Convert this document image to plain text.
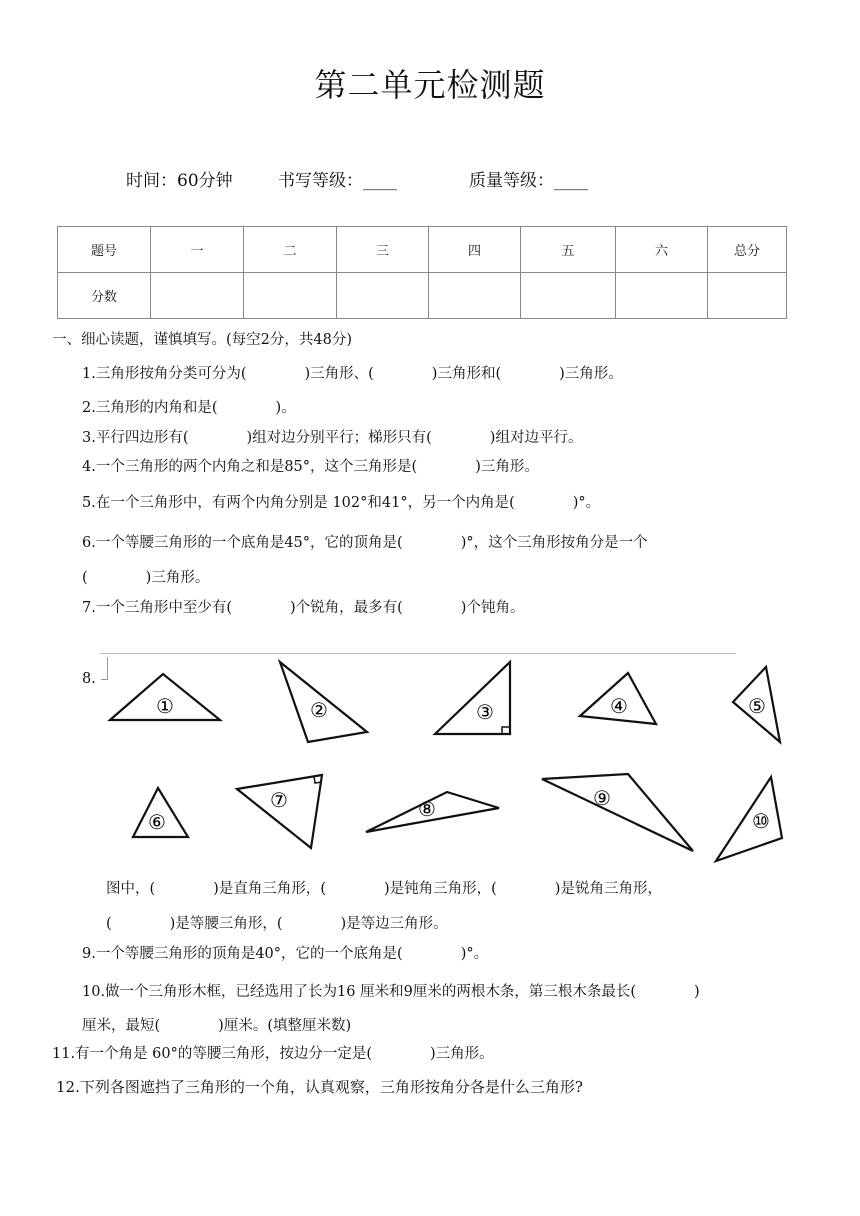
第二单元检测题
时间：60分钟	书写等级：____	质量等级：____
题号	一	二	三	四	五	六	总分
分数							
一、细心读题，谨慎填写。(每空2分，共48分)
1.三角形按角分类可分为(　　　　)三角形、(　　　　)三角形和(　　　　)三角形。
2.三角形的内角和是(　　　　)。
3.平行四边形有(　　　　)组对边分别平行；梯形只有(　　　　)组对边平行。
4.一个三角形的两个内角之和是85°，这个三角形是(　　　　)三角形。
5.在一个三角形中，有两个内角分别是 102°和41°，另一个内角是(　　　　)°。
6.一个等腰三角形的一个底角是45°，它的顶角是(　　　　)°，这个三角形按角分是一个
(　　　　)三角形。
7.一个三角形中至少有(　　　　)个锐角，最多有(　　　　)个钝角。
8.
①	②	③	④	⑤
⑥
⑦	⑧	⑨
⑩
图中，(　　　　)是直角三角形，(　　　　)是钝角三角形，(　　　　)是锐角三角形，
(　　　　)是等腰三角形，(　　　　)是等边三角形。
9.一个等腰三角形的顶角是40°，它的一个底角是(　　　　)°。
10.做一个三角形木框，已经选用了长为16 厘米和9厘米的两根木条，第三根木条最长(　　　　)
厘米，最短(　　　　)厘米。(填整厘米数)
11.有一个角是 60°的等腰三角形，按边分一定是(　　　　)三角形。
12.下列各图遮挡了三角形的一个角，认真观察，三角形按角分各是什么三角形?
